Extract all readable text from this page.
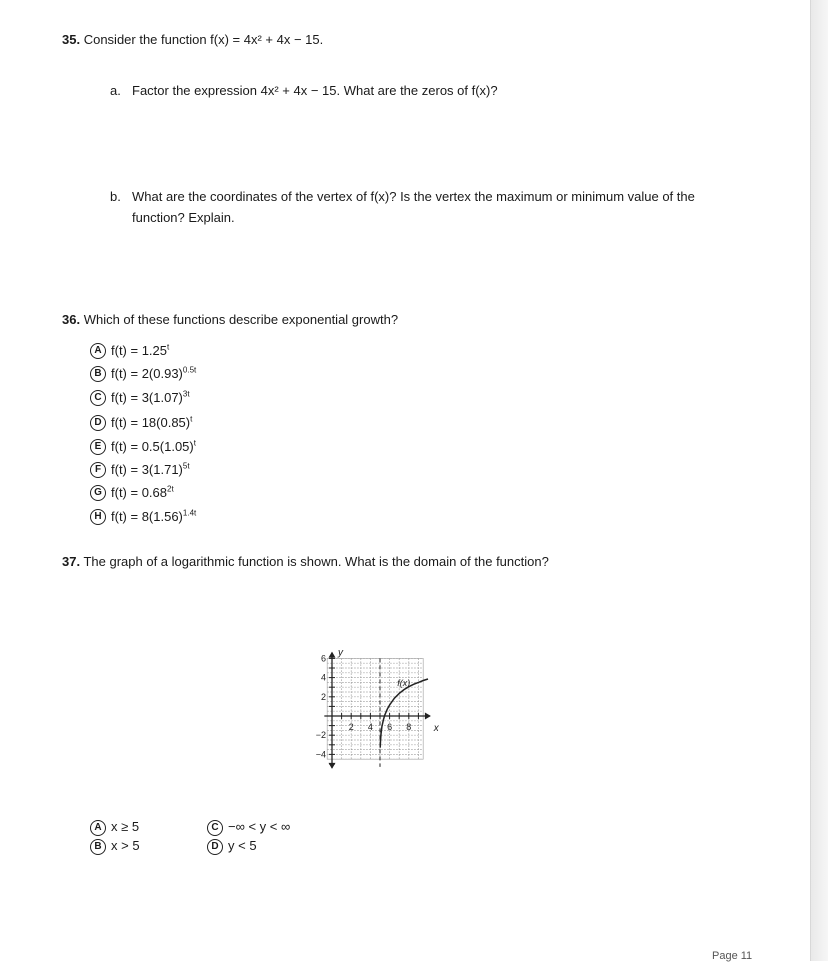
35. Consider the function f(x) = 4x² + 4x − 15.
a. Factor the expression 4x² + 4x − 15. What are the zeros of f(x)?
b. What are the coordinates of the vertex of f(x)? Is the vertex the maximum or minimum value of the
function? Explain.
36. Which of these functions describe exponential growth?
A $f(t) = 1.25^t$
B $f(t) = 2(0.93)^{0.5t}$
C $f(t) = 3(1.07)^{3t}$
D $f(t) = 18(0.85)^t$
E $f(t) = 0.5(1.05)^t$
F $f(t) = 3(1.71)^{5t}$
G $f(t) = 0.68^{2t}$
H $f(t) = 8(1.56)^{1.4t}$
37. The graph of a logarithmic function is shown. What is the domain of the function?
2 4 6 8
6
4
2
−2
−4
x
y
f(x)
A x ≥ 5
B x > 5
C −∞ < y < ∞
D y < 5
Page 11
